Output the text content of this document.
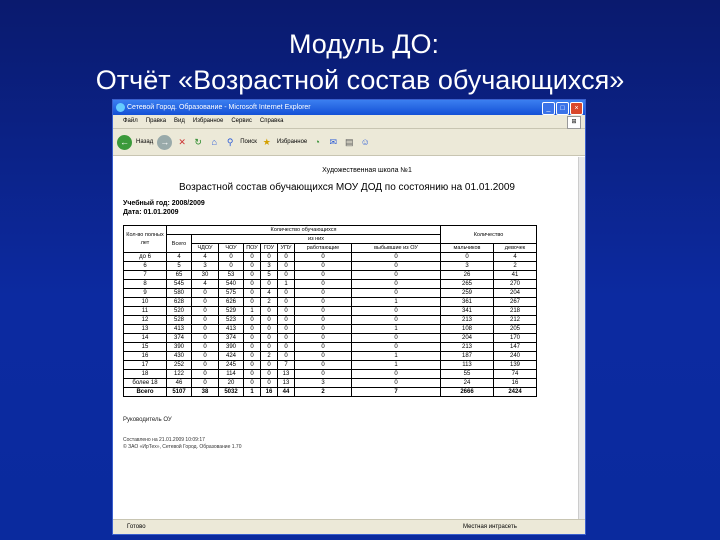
Модуль ДО:
Отчёт «Возрастной состав обучающихся»
Сетевой Город. Образование - Microsoft Internet Explorer	_	□	×
Файл Правка Вид Избранное Сервис Справка	⊞
←	Назад →	✕ ↻	⌂	⚲	Поиск ★ Избранное ◔	✉ ▤ ☺
Художественная школа №1
Возрастной состав обучающихся МОУ ДОД по состоянию на 01.01.2009
Учебный год: 2008/2009
Дата: 01.01.2009
Кол-во полных лет	Количество обучающихся								Количество	
	Всего	из них								
		ЧДОУ	ЧОУ	ПОУ	ГОУ	УПУ	работающие	выбывшие из ОУ	мальчиков	девочек
до 6	4	4	0	0	0	0	0	0	0	4
6	5	3	0	0	3	0	0	0	3	2
7	65	30	53	0	5	0	0	0	26	41
8	545	4	540	0	0	1	0	0	265	270
9	580	0	575	0	4	0	0	0	259	204
10	628	0	626	0	2	0	0	1	361	267
11	520	0	529	1	0	0	0	0	341	218
12	528	0	523	0	0	0	0	0	213	212
13	413	0	413	0	0	0	0	1	108	205
14	374	0	374	0	0	0	0	0	204	170
15	390	0	390	0	0	0	0	0	213	147
16	430	0	424	0	2	0	0	1	187	240
17	252	0	245	0	0	7	0	1	113	139
18	122	0	114	0	0	13	0	0	55	74
более 18	46	0	20	0	0	13	3	0	24	16
Всего	5107	38	5032	1	16	44	2	7	2666	2424
Руководитель ОУ
Составлено на 21.01.2009 10:09:17
© ЗАО «ИрТех», Сетевой Город. Образование 1.70
Готово	Местная интрасеть
